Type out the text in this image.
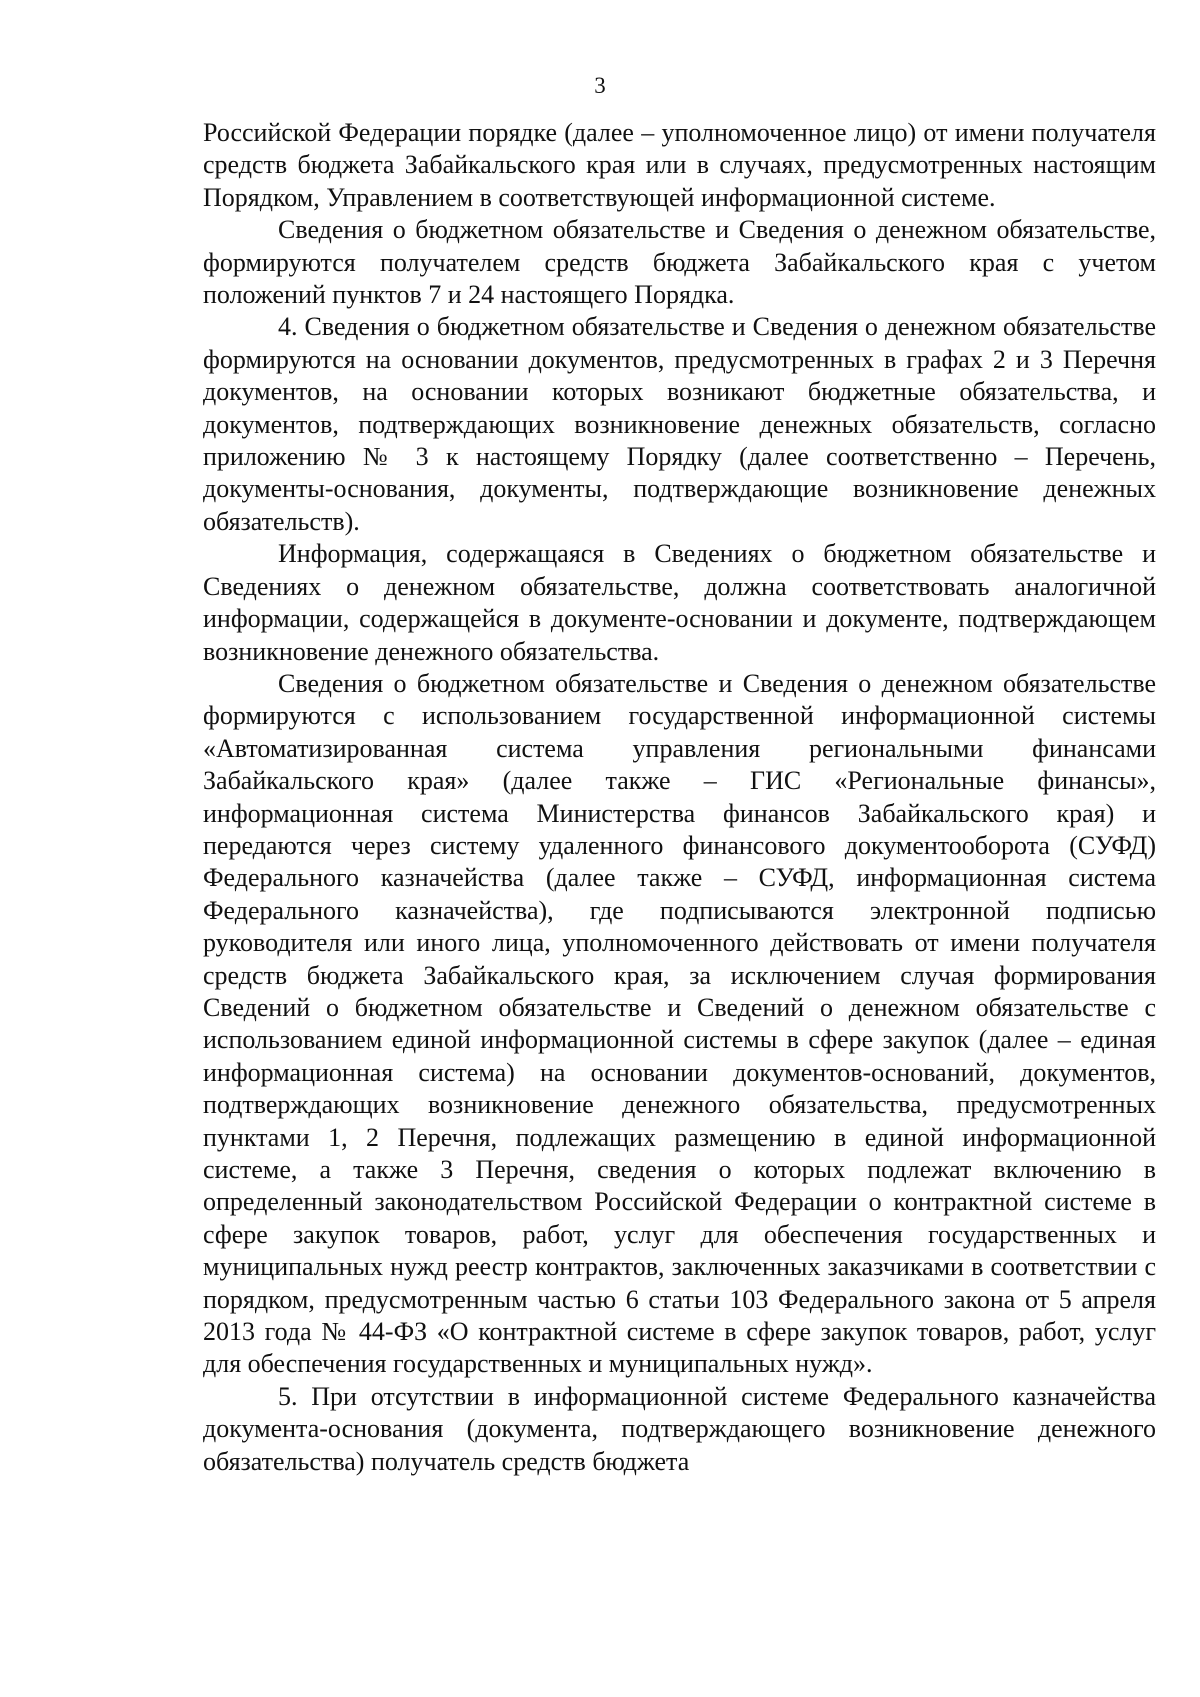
3

Российской Федерации порядке (далее – уполномоченное лицо) от имени получателя средств бюджета Забайкальского края или в случаях, предусмотренных настоящим Порядком, Управлением в соответствующей информационной системе.

Сведения о бюджетном обязательстве и Сведения о денежном обязательстве, формируются получателем средств бюджета Забайкальского края с учетом положений пунктов 7 и 24 настоящего Порядка.

4. Сведения о бюджетном обязательстве и Сведения о денежном обязательстве формируются на основании документов, предусмотренных в графах 2 и 3 Перечня документов, на основании которых возникают бюджетные обязательства, и документов, подтверждающих возникновение денежных обязательств, согласно приложению № 3 к настоящему Порядку (далее соответственно – Перечень, документы-основания, документы, подтверждающие возникновение денежных обязательств).

Информация, содержащаяся в Сведениях о бюджетном обязательстве и Сведениях о денежном обязательстве, должна соответствовать аналогичной информации, содержащейся в документе-основании и документе, подтверждающем возникновение денежного обязательства.

Сведения о бюджетном обязательстве и Сведения о денежном обязательстве формируются с использованием государственной информационной системы «Автоматизированная система управления региональными финансами Забайкальского края» (далее также – ГИС «Региональные финансы», информационная система Министерства финансов Забайкальского края) и передаются через систему удаленного финансового документооборота (СУФД) Федерального казначейства (далее также – СУФД, информационная система Федерального казначейства), где подписываются электронной подписью руководителя или иного лица, уполномоченного действовать от имени получателя средств бюджета Забайкальского края, за исключением случая формирования Сведений о бюджетном обязательстве и Сведений о денежном обязательстве с использованием единой информационной системы в сфере закупок (далее – единая информационная система) на основании документов-оснований, документов, подтверждающих возникновение денежного обязательства, предусмотренных пунктами 1, 2 Перечня, подлежащих размещению в единой информационной системе, а также 3 Перечня, сведения о которых подлежат включению в определенный законодательством Российской Федерации о контрактной системе в сфере закупок товаров, работ, услуг для обеспечения государственных и муниципальных нужд реестр контрактов, заключенных заказчиками в соответствии с порядком, предусмотренным частью 6 статьи 103 Федерального закона от 5 апреля 2013 года № 44-ФЗ «О контрактной системе в сфере закупок товаров, работ, услуг для обеспечения государственных и муниципальных нужд».

5. При отсутствии в информационной системе Федерального казначейства документа-основания (документа, подтверждающего возникновение денежного обязательства) получатель средств бюджета
